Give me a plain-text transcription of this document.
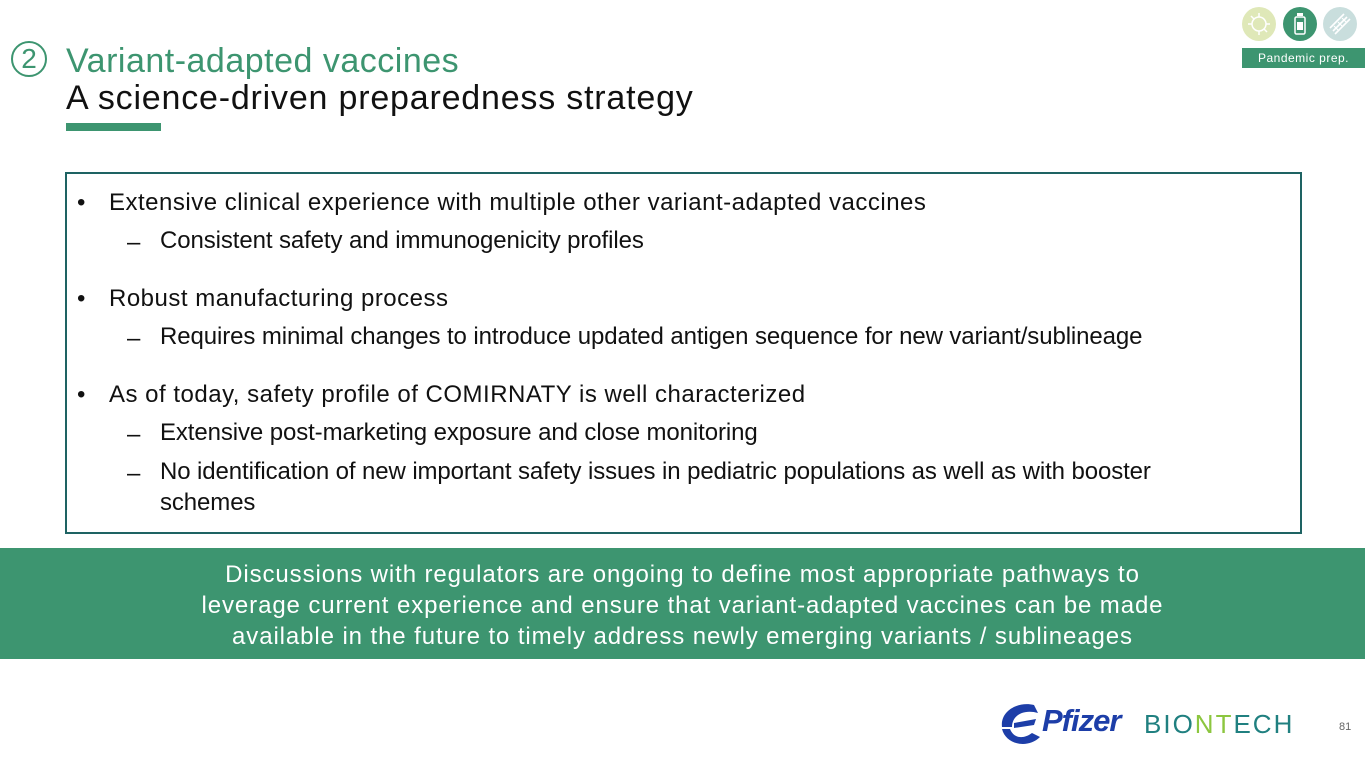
2 Variant-adapted vaccines
A science-driven preparedness strategy
Pandemic prep.
• Extensive clinical experience with multiple other variant-adapted vaccines
– Consistent safety and immunogenicity profiles
• Robust manufacturing process
– Requires minimal changes to introduce updated antigen sequence for new variant/sublineage
• As of today, safety profile of COMIRNATY is well characterized
– Extensive post-marketing exposure and close monitoring
– No identification of new important safety issues in pediatric populations as well as with booster schemes
Discussions with regulators are ongoing to define most appropriate pathways to
leverage current experience and ensure that variant-adapted vaccines can be made
available in the future to timely address newly emerging variants / sublineages
Pfizer BIONTECH	81
